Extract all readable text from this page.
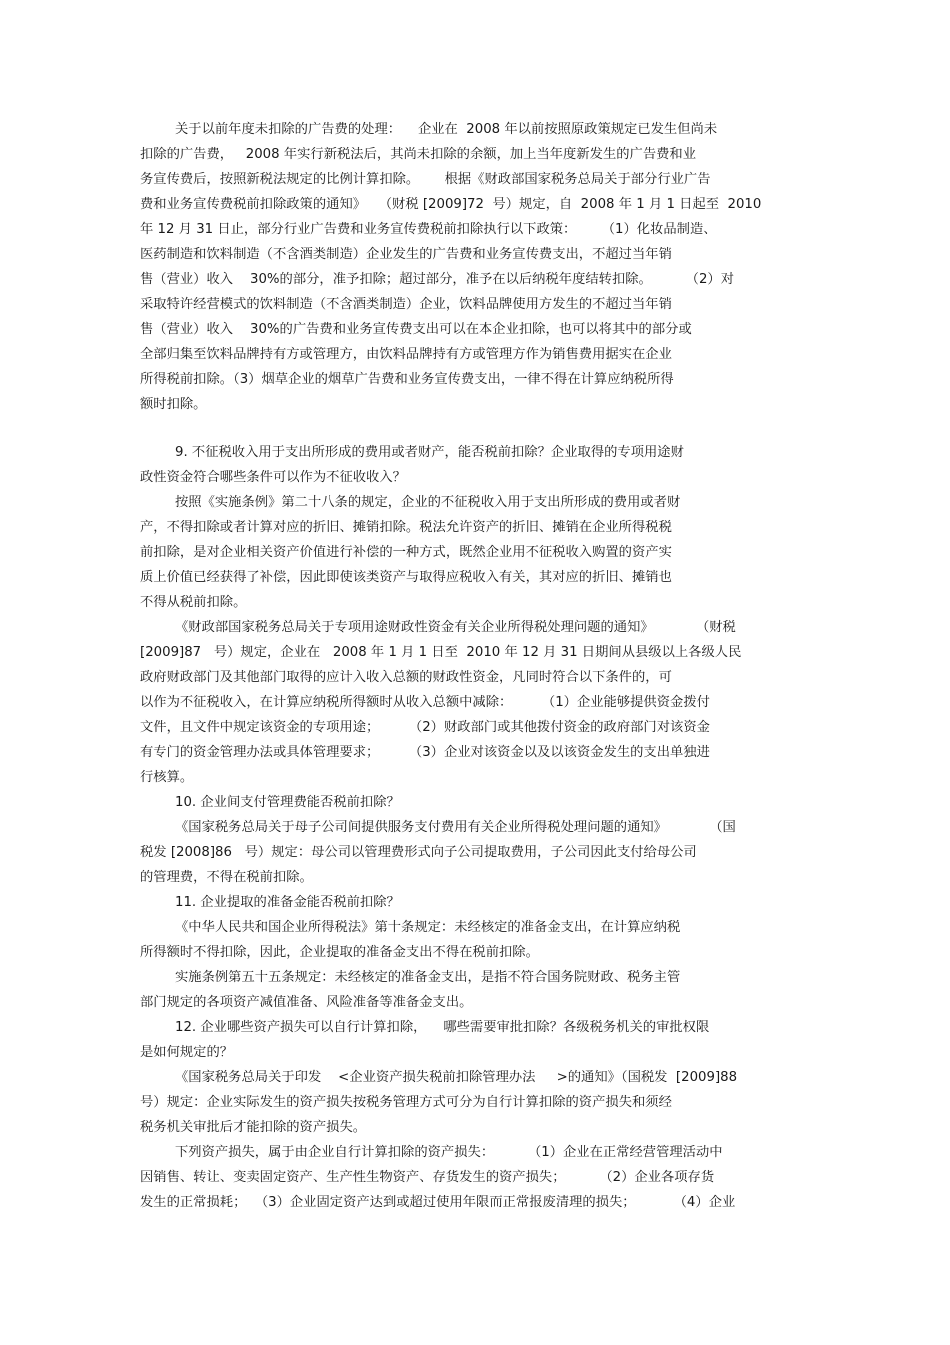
关于以前年度未扣除的广告费的处理：    企业在  2008 年以前按照原政策规定已发生但尚未
扣除的广告费，   2008 年实行新税法后，其尚未扣除的余额，加上当年度新发生的广告费和业
务宣传费后，按照新税法规定的比例计算扣除。      根据《财政部国家税务总局关于部分行业广告
费和业务宣传费税前扣除政策的通知》   （财税 [2009]72  号）规定，自  2008 年 1 月 1 日起至  2010
年 12 月 31 日止，部分行业广告费和业务宣传费税前扣除执行以下政策：      （1）化妆品制造、
医药制造和饮料制造（不含酒类制造）企业发生的广告费和业务宣传费支出，不超过当年销
售（营业）收入    30%的部分，准予扣除；超过部分，准予在以后纳税年度结转扣除。        （2）对
采取特许经营模式的饮料制造（不含酒类制造）企业，饮料品牌使用方发生的不超过当年销
售（营业）收入    30%的广告费和业务宣传费支出可以在本企业扣除，也可以将其中的部分或
全部归集至饮料品牌持有方或管理方，由饮料品牌持有方或管理方作为销售费用据实在企业
所得税前扣除。（3）烟草企业的烟草广告费和业务宣传费支出，一律不得在计算应纳税所得
额时扣除。
9. 不征税收入用于支出所形成的费用或者财产，能否税前扣除？企业取得的专项用途财
政性资金符合哪些条件可以作为不征收收入？
按照《实施条例》第二十八条的规定，企业的不征税收入用于支出所形成的费用或者财
产，不得扣除或者计算对应的折旧、摊销扣除。税法允许资产的折旧、摊销在企业所得税税
前扣除，是对企业相关资产价值进行补偿的一种方式，既然企业用不征税收入购置的资产实
质上价值已经获得了补偿，因此即使该类资产与取得应税收入有关，其对应的折旧、摊销也
不得从税前扣除。
《财政部国家税务总局关于专项用途财政性资金有关企业所得税处理问题的通知》          （财税
[2009]87   号）规定，企业在   2008 年 1 月 1 日至  2010 年 12 月 31 日期间从县级以上各级人民
政府财政部门及其他部门取得的应计入收入总额的财政性资金，凡同时符合以下条件的，可
以作为不征税收入，在计算应纳税所得额时从收入总额中减除：       （1）企业能够提供资金拨付
文件，且文件中规定该资金的专项用途；       （2）财政部门或其他拨付资金的政府部门对该资金
有专门的资金管理办法或具体管理要求；       （3）企业对该资金以及以该资金发生的支出单独进
行核算。
10. 企业间支付管理费能否税前扣除？
《国家税务总局关于母子公司间提供服务支付费用有关企业所得税处理问题的通知》          （国
税发 [2008]86   号）规定：母公司以管理费形式向子公司提取费用，子公司因此支付给母公司
的管理费，不得在税前扣除。
11. 企业提取的准备金能否税前扣除？
《中华人民共和国企业所得税法》第十条规定：未经核定的准备金支出，在计算应纳税
所得额时不得扣除，因此，企业提取的准备金支出不得在税前扣除。
实施条例第五十五条规定：未经核定的准备金支出，是指不符合国务院财政、税务主管
部门规定的各项资产减值准备、风险准备等准备金支出。
12. 企业哪些资产损失可以自行计算扣除，    哪些需要审批扣除？各级税务机关的审批权限
是如何规定的？
《国家税务总局关于印发    <企业资产损失税前扣除管理办法     >的通知》（国税发  [2009]88
号）规定：企业实际发生的资产损失按税务管理方式可分为自行计算扣除的资产损失和须经
税务机关审批后才能扣除的资产损失。
下列资产损失，属于由企业自行计算扣除的资产损失：        （1）企业在正常经营管理活动中
因销售、转让、变卖固定资产、生产性生物资产、存货发生的资产损失；        （2）企业各项存货
发生的正常损耗；  （3）企业固定资产达到或超过使用年限而正常报废清理的损失；         （4）企业
